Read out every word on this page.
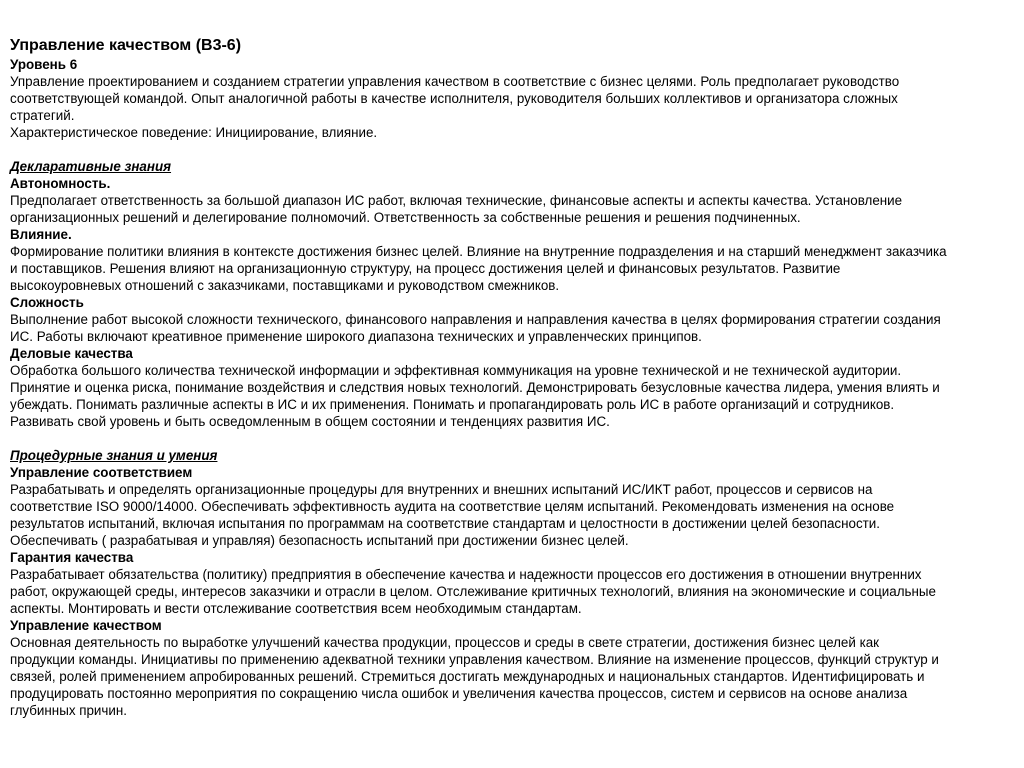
Управление качеством (В3-6)
Уровень 6
Управление проектированием и созданием стратегии управления качеством в соответствие с бизнес целями. Роль предполагает руководство
соответствующей командой. Опыт аналогичной работы в качестве исполнителя, руководителя больших коллективов и организатора сложных
стратегий.
Характеристическое поведение: Инициирование, влияние.
Декларативные знания
Автономность.
Предполагает ответственность за большой диапазон ИС работ, включая технические, финансовые аспекты и аспекты качества. Установление
организационных решений и делегирование полномочий. Ответственность за собственные решения и решения подчиненных.
Влияние.
Формирование политики влияния в контексте достижения бизнес целей. Влияние на внутренние подразделения и на старший менеджмент заказчика
и поставщиков. Решения влияют на организационную структуру, на процесс достижения целей и финансовых результатов. Развитие
высокоуровневых отношений с заказчиками, поставщиками и руководством смежников.
Сложность
Выполнение работ высокой сложности технического, финансового направления и направления качества в целях формирования стратегии создания
ИС. Работы включают креативное применение широкого диапазона технических и управленческих принципов.
Деловые качества
Обработка большого количества технической информации и эффективная коммуникация на уровне технической и не технической аудитории.
Принятие и оценка риска, понимание воздействия и следствия новых технологий. Демонстрировать безусловные качества лидера, умения влиять и
убеждать. Понимать различные аспекты в ИС и их применения. Понимать и пропагандировать роль ИС в работе организаций и сотрудников.
Развивать свой уровень и быть осведомленным в общем состоянии и тенденциях развития ИС.
Процедурные знания и умения
Управление соответствием
Разрабатывать и определять организационные процедуры для внутренних и внешних испытаний ИС/ИКТ работ, процессов и сервисов на
соответствие ISO 9000/14000. Обеспечивать эффективность аудита на соответствие целям испытаний. Рекомендовать изменения на основе
результатов испытаний, включая испытания по программам на соответствие стандартам и целостности в достижении целей безопасности.
Обеспечивать ( разрабатывая и управляя) безопасность испытаний при достижении бизнес целей.
Гарантия качества
Разрабатывает обязательства (политику) предприятия в обеспечение качества и надежности процессов его достижения в отношении внутренних
работ, окружающей среды, интересов заказчики и отрасли в целом. Отслеживание критичных технологий, влияния на экономические и социальные
аспекты. Монтировать и вести отслеживание соответствия всем необходимым стандартам.
Управление качеством
Основная деятельность по выработке улучшений качества продукции, процессов и среды в свете стратегии, достижения бизнес целей как
продукции команды. Инициативы по применению адекватной техники управления качеством. Влияние на изменение процессов, функций структур и
связей, ролей применением апробированных решений. Стремиться достигать международных и национальных стандартов. Идентифицировать и
продуцировать постоянно мероприятия по сокращению числа ошибок и увеличения качества процессов, систем и сервисов на основе анализа
глубинных причин.
